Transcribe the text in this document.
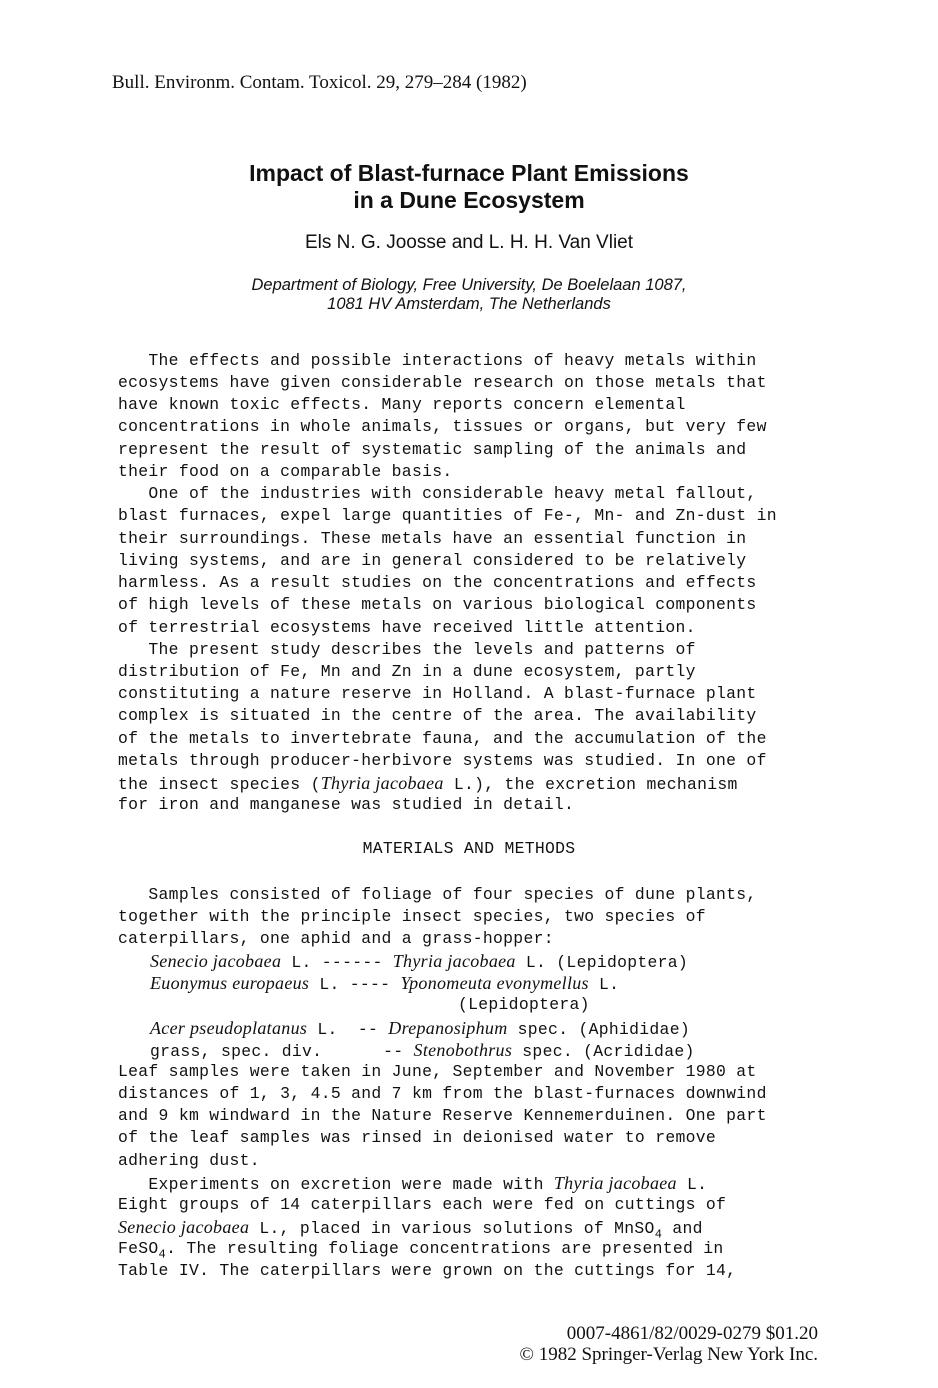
Bull. Environm. Contam. Toxicol. 29, 279–284 (1982)
Impact of Blast-furnace Plant Emissions
in a Dune Ecosystem
Els N. G. Joosse and L. H. H. Van Vliet
Department of Biology, Free University, De Boelelaan 1087,
1081 HV Amsterdam, The Netherlands
The effects and possible interactions of heavy metals within
ecosystems have given considerable research on those metals that
have known toxic effects. Many reports concern elemental
concentrations in whole animals, tissues or organs, but very few
represent the result of systematic sampling of the animals and
their food on a comparable basis.
One of the industries with considerable heavy metal fallout,
blast furnaces, expel large quantities of Fe-, Mn- and Zn-dust in
their surroundings. These metals have an essential function in
living systems, and are in general considered to be relatively
harmless. As a result studies on the concentrations and effects
of high levels of these metals on various biological components
of terrestrial ecosystems have received little attention.
The present study describes the levels and patterns of
distribution of Fe, Mn and Zn in a dune ecosystem, partly
constituting a nature reserve in Holland. A blast-furnace plant
complex is situated in the centre of the area. The availability
of the metals to invertebrate fauna, and the accumulation of the
metals through producer-herbivore systems was studied. In one of
the insect species (Thyria jacobaea L.), the excretion mechanism
for iron and manganese was studied in detail.
MATERIALS AND METHODS
Samples consisted of foliage of four species of dune plants,
together with the principle insect species, two species of
caterpillars, one aphid and a grass-hopper:
Senecio jacobaea L. ------ Thyria jacobaea L. (Lepidoptera)
Euonymus europaeus L. ---- Yponomeuta evonymellus L.
(Lepidoptera)
Acer pseudoplatanus L.  -- Drepanosiphum spec. (Aphididae)
grass, spec. div.      -- Stenobothrus spec. (Acrididae)
Leaf samples were taken in June, September and November 1980 at
distances of 1, 3, 4.5 and 7 km from the blast-furnaces downwind
and 9 km windward in the Nature Reserve Kennemerduinen. One part
of the leaf samples was rinsed in deionised water to remove
adhering dust.
Experiments on excretion were made with Thyria jacobaea L.
Eight groups of 14 caterpillars each were fed on cuttings of
Senecio jacobaea L., placed in various solutions of MnSO$_4$ and
FeSO$_4$. The resulting foliage concentrations are presented in
Table IV. The caterpillars were grown on the cuttings for 14,
0007-4861/82/0029-0279 $01.20
© 1982 Springer-Verlag New York Inc.
